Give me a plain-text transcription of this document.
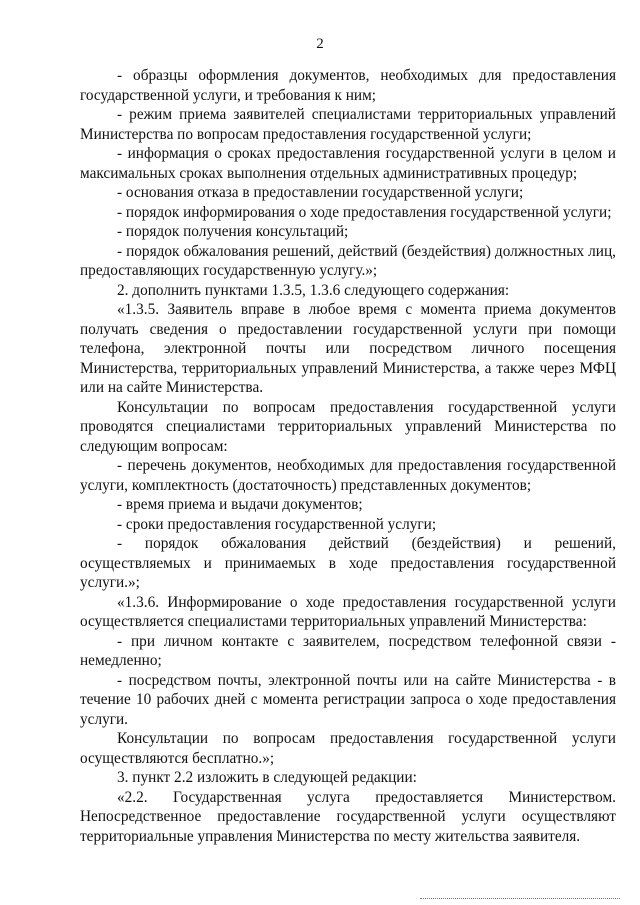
2

- образцы оформления документов, необходимых для предоставления государственной услуги, и требования к ним;

- режим приема заявителей специалистами территориальных управлений Министерства по вопросам предоставления государственной услуги;

- информация о сроках предоставления государственной услуги в целом и максимальных сроках выполнения отдельных административных процедур;

- основания отказа в предоставлении государственной услуги;

- порядок информирования о ходе предоставления государственной услуги;

- порядок получения консультаций;

- порядок обжалования решений, действий (бездействия) должностных лиц, предоставляющих государственную услугу.»;

2. дополнить пунктами 1.3.5, 1.3.6 следующего содержания:

«1.3.5. Заявитель вправе в любое время с момента приема документов получать сведения о предоставлении государственной услуги при помощи телефона, электронной почты или посредством личного посещения Министерства, территориальных управлений Министерства, а также через МФЦ или на сайте Министерства.

Консультации по вопросам предоставления государственной услуги проводятся специалистами территориальных управлений Министерства по следующим вопросам:

- перечень документов, необходимых для предоставления государственной услуги, комплектность (достаточность) представленных документов;

- время приема и выдачи документов;

- сроки предоставления государственной услуги;

- порядок обжалования действий (бездействия) и решений, осуществляемых и принимаемых в ходе предоставления государственной услуги.»;

«1.3.6. Информирование о ходе предоставления государственной услуги осуществляется специалистами территориальных управлений Министерства:

- при личном контакте с заявителем, посредством телефонной связи - немедленно;

- посредством почты, электронной почты или на сайте Министерства - в течение 10 рабочих дней с момента регистрации запроса о ходе предоставления услуги.

Консультации по вопросам предоставления государственной услуги осуществляются бесплатно.»;

3. пункт 2.2 изложить в следующей редакции:

«2.2. Государственная услуга предоставляется Министерством. Непосредственное предоставление государственной услуги осуществляют территориальные управления Министерства по месту жительства заявителя.
